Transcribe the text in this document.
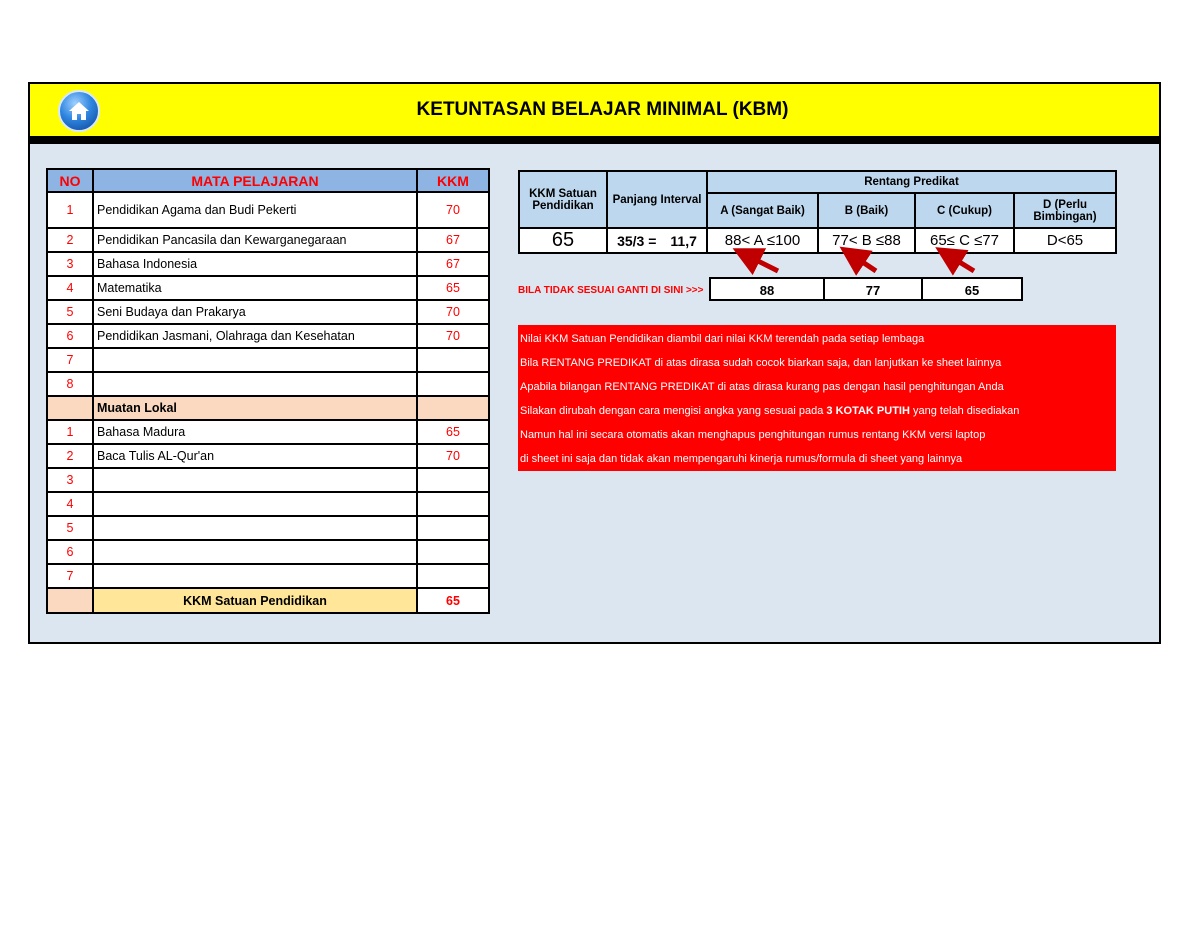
KETUNTASAN BELAJAR MINIMAL (KBM)
NO	MATA PELAJARAN	KKM
1	Pendidikan Agama dan Budi Pekerti	70
2	Pendidikan Pancasila dan Kewarganegaraan	67
3	Bahasa Indonesia	67
4	Matematika	65
5	Seni Budaya dan Prakarya	70
6	Pendidikan Jasmani, Olahraga dan Kesehatan	70
7		
8		
	Muatan Lokal	
1	Bahasa Madura	65
2	Baca Tulis AL-Qur'an	70
3		
4		
5		
6		
7		
	KKM Satuan Pendidikan	65
KKM Satuan Pendidikan	Panjang Interval	Rentang Predikat			
		A (Sangat Baik)	B (Baik)	C (Cukup)	D (Perlu Bimbingan)
65	35/3 = 11,7	88< A ≤100	77< B ≤88	65≤ C ≤77	D<65
BILA TIDAK SESUAI GANTI DI SINI >>>	88	77	65
Nilai KKM Satuan Pendidikan diambil dari nilai KKM terendah pada setiap lembaga
Bila RENTANG PREDIKAT di atas dirasa sudah cocok biarkan saja, dan lanjutkan ke sheet lainnya
Apabila bilangan RENTANG PREDIKAT di atas dirasa kurang pas dengan hasil penghitungan Anda
Silakan dirubah dengan cara mengisi angka yang sesuai pada 3 KOTAK PUTIH yang telah disediakan
Namun hal ini secara otomatis akan menghapus penghitungan rumus rentang KKM versi laptop
di sheet ini saja dan tidak akan mempengaruhi kinerja rumus/formula di sheet yang lainnya
